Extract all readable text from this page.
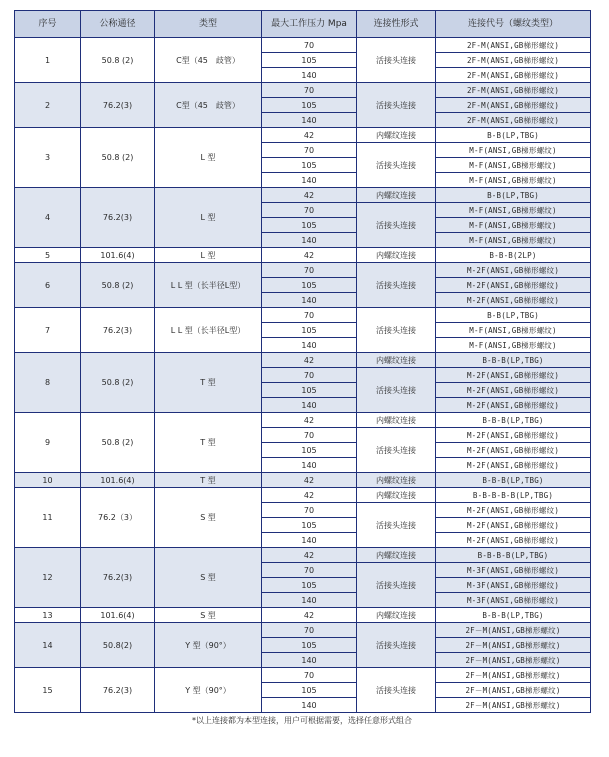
序号	公称通径	类型	最大工作压力 Mpa	连接性形式	连接代号（螺纹类型）
1	50.8 (2)	C型（45　歧管）	70	活接头连接	2F-M(ANSI,GB梯形螺纹)
			105		2F-M(ANSI,GB梯形螺纹)
			140		2F-M(ANSI,GB梯形螺纹)
2	76.2(3)	C型（45　歧管）	70	活接头连接	2F-M(ANSI,GB梯形螺纹)
			105		2F-M(ANSI,GB梯形螺纹)
			140		2F-M(ANSI,GB梯形螺纹)
3	50.8 (2)	L 型	42	内螺纹连接	B-B(LP,TBG)
			70	活接头连接	M-F(ANSI,GB梯形螺纹)
			105		M-F(ANSI,GB梯形螺纹)
			140		M-F(ANSI,GB梯形螺纹)
4	76.2(3)	L 型	42	内螺纹连接	B-B(LP,TBG)
			70	活接头连接	M-F(ANSI,GB梯形螺纹)
			105		M-F(ANSI,GB梯形螺纹)
			140		M-F(ANSI,GB梯形螺纹)
5	101.6(4)	L 型	42	内螺纹连接	B-B-B(2LP)
6	50.8 (2)	L L 型（长半径L型）	70	活接头连接	M-2F(ANSI,GB梯形螺纹)
			105		M-2F(ANSI,GB梯形螺纹)
			140		M-2F(ANSI,GB梯形螺纹)
7	76.2(3)	L L 型（长半径L型）	70	活接头连接	B-B(LP,TBG)
			105		M-F(ANSI,GB梯形螺纹)
			140		M-F(ANSI,GB梯形螺纹)
8	50.8 (2)	T 型	42	内螺纹连接	B-B-B(LP,TBG)
			70	活接头连接	M-2F(ANSI,GB梯形螺纹)
			105		M-2F(ANSI,GB梯形螺纹)
			140		M-2F(ANSI,GB梯形螺纹)
9	50.8 (2)	T 型	42	内螺纹连接	B-B-B(LP,TBG)
			70	活接头连接	M-2F(ANSI,GB梯形螺纹)
			105		M-2F(ANSI,GB梯形螺纹)
			140		M-2F(ANSI,GB梯形螺纹)
10	101.6(4)	T 型	42	内螺纹连接	B-B-B(LP,TBG)
11	76.2（3）	S 型	42	内螺纹连接	B-B-B-B-B(LP,TBG)
			70	活接头连接	M-2F(ANSI,GB梯形螺纹)
			105		M-2F(ANSI,GB梯形螺纹)
			140		M-2F(ANSI,GB梯形螺纹)
12	76.2(3)	S 型	42	内螺纹连接	B-B-B-B(LP,TBG)
			70	活接头连接	M-3F(ANSI,GB梯形螺纹)
			105		M-3F(ANSI,GB梯形螺纹)
			140		M-3F(ANSI,GB梯形螺纹)
13	101.6(4)	S 型	42	内螺纹连接	B-B-B(LP,TBG)
14	50.8(2)	Y 型（90°）	70	活接头连接	2F－M(ANSI,GB梯形螺纹)
			105		2F－M(ANSI,GB梯形螺纹)
			140		2F－M(ANSI,GB梯形螺纹)
15	76.2(3)	Y 型（90°）	70	活接头连接	2F－M(ANSI,GB梯形螺纹)
			105		2F－M(ANSI,GB梯形螺纹)
			140		2F－M(ANSI,GB梯形螺纹)
*以上连接都为本型连接，用户可根据需要，选择任意形式组合
